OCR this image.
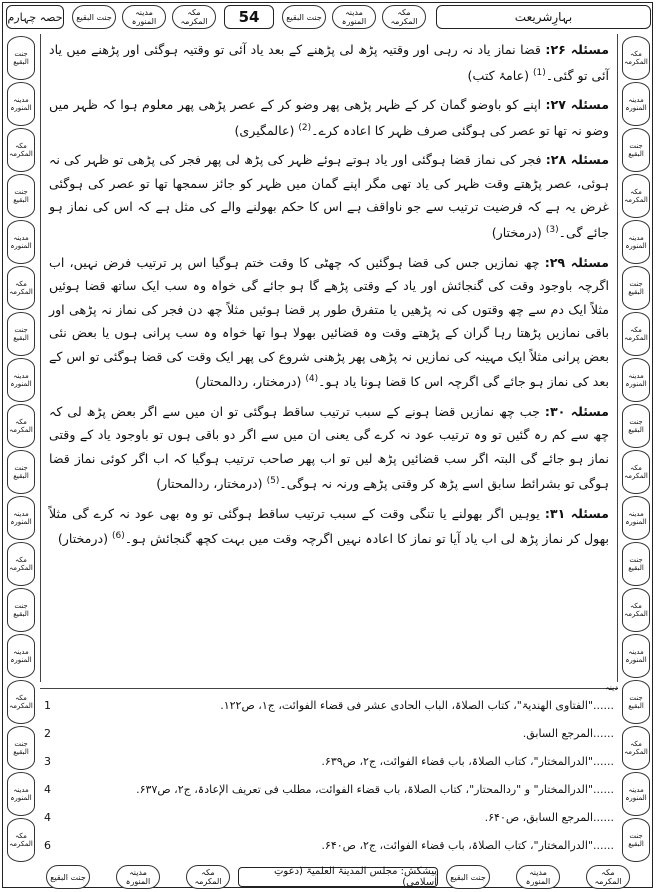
حصہ چہارم	جنت البقیع	مدینہ المنورہ
مکہ المکرمہ	54	جنت البقیع	مدینہ المنورہ
مکہ المکرمہ	بہارِشریعت
جنت البقیع
مدینہ المنورہ
مکہ المکرمہ
جنت البقیع
مدینہ المنورہ
مکہ المکرمہ
جنت البقیع
مدینہ المنورہ
مکہ المکرمہ
جنت البقیع
مدینہ المنورہ
مکہ المکرمہ
جنت البقیع
مدینہ المنورہ
مکہ المکرمہ
جنت البقیع
مدینہ المنورہ
مکہ المکرمہ
مکہ المکرمہ
مدینہ المنورہ
جنت البقیع
مکہ المکرمہ
مدینہ المنورہ
جنت البقیع
مکہ المکرمہ
مدینہ المنورہ
جنت البقیع
مکہ المکرمہ
مدینہ المنورہ
جنت البقیع
مکہ المکرمہ
مدینہ المنورہ
جنت البقیع
مکہ المکرمہ
مدینہ المنورہ
جنت البقیع

مسئلہ ۲۶: قضا نماز یاد نہ رہی اور وقتیہ پڑھ لی پڑھنے کے بعد یاد آئی تو وقتیہ ہوگئی اور پڑھنے میں یاد آئی تو گئی۔$^{(1)}$ (عامۂ کتب)

مسئلہ ۲۷: اپنے کو باوضو گمان کر کے ظہر پڑھی پھر وضو کر کے عصر پڑھی پھر معلوم ہوا کہ ظہر میں وضو نہ تھا تو عصر کی ہوگئی صرف ظہر کا اعادہ کرے۔$^{(2)}$ (عالمگیری)

مسئلہ ۲۸: فجر کی نماز قضا ہوگئی اور یاد ہوتے ہوئے ظہر کی پڑھ لی پھر فجر کی پڑھی تو ظہر کی نہ ہوئی، عصر پڑھتے وقت ظہر کی یاد تھی مگر اپنے گمان میں ظہر کو جائز سمجھا تھا تو عصر کی ہوگئی غرض یہ ہے کہ فرضیت ترتیب سے جو ناواقف ہے اس کا حکم بھولنے والے کی مثل ہے کہ اس کی نماز ہو جائے گی۔$^{(3)}$ (درمختار)

مسئلہ ۲۹: چھ نمازیں جس کی قضا ہوگئیں کہ چھٹی کا وقت ختم ہوگیا اس پر ترتیب فرض نہیں، اب اگرچہ باوجود وقت کی گنجائش اور یاد کے وقتی پڑھے گا ہو جائے گی خواہ وہ سب ایک ساتھ قضا ہوئیں مثلاً ایک دم سے چھ وقتوں کی نہ پڑھیں یا متفرق طور پر قضا ہوئیں مثلاً چھ دن فجر کی نماز نہ پڑھی اور باقی نمازیں پڑھتا رہا گران کے پڑھتے وقت وہ قضائیں بھولا ہوا تھا خواہ وہ سب پرانی ہوں یا بعض نئی بعض پرانی مثلاً ایک مہینہ کی نمازیں نہ پڑھی پھر پڑھنی شروع کی پھر ایک وقت کی قضا ہوگئی تو اس کے بعد کی نماز ہو جائے گی اگرچہ اس کا قضا ہونا یاد ہو۔$^{(4)}$ (درمختار، ردالمحتار)

مسئلہ ۳۰: جب چھ نمازیں قضا ہونے کے سبب ترتیب ساقط ہوگئی تو ان میں سے اگر بعض پڑھ لی کہ چھ سے کم رہ گئیں تو وہ ترتیب عود نہ کرے گی یعنی ان میں سے اگر دو باقی ہوں تو باوجود یاد کے وقتی نماز ہو جائے گی البتہ اگر سب قضائیں پڑھ لیں تو اب پھر صاحب ترتیب ہوگیا کہ اب اگر کوئی نماز قضا ہوگی تو بشرائط سابق اسے پڑھ کر وقتی پڑھے ورنہ نہ ہوگی۔$^{(5)}$ (درمختار، ردالمحتار)

مسئلہ ۳۱: یوہیں اگر بھولنے یا تنگی وقت کے سبب ترتیب ساقط ہوگئی تو وہ بھی عود نہ کرے گی مثلاً بھول کر نماز پڑھ لی اب یاد آیا تو نماز کا اعادہ نہیں اگرچہ وقت میں بہت کچھ گنجائش ہو۔$^{(6)}$ (درمختار)

دینہ
1	......"الفتاوی الھندیۃ"، کتاب الصلاۃ، الباب الحادی عشر فی قضاء الفوائت، ج۱، ص۱۲۲.
2	......المرجع السابق.
3	......"الدرالمختار"، کتاب الصلاۃ، باب قضاء الفوائت، ج۲، ص۶۳۹.
4	......"الدرالمختار" و "ردالمحتار"، کتاب الصلاۃ، باب قضاء الفوائت، مطلب فی تعریف الإعادۃ، ج۲، ص۶۳۷.
4	......المرجع السابق، ص۶۴۰.
6	......"الدرالمختار"، کتاب الصلاۃ، باب قضاء الفوائت، ج۲، ص۶۴۰.
جنت البقیع	مدینہ المنورہ
مکہ المکرمہ
پیشکش: مجلس المدینۃ العلمیۃ (دعوتِ اسلامی)	جنت البقیع	مدینہ المنورہ
مکہ المکرمہ
